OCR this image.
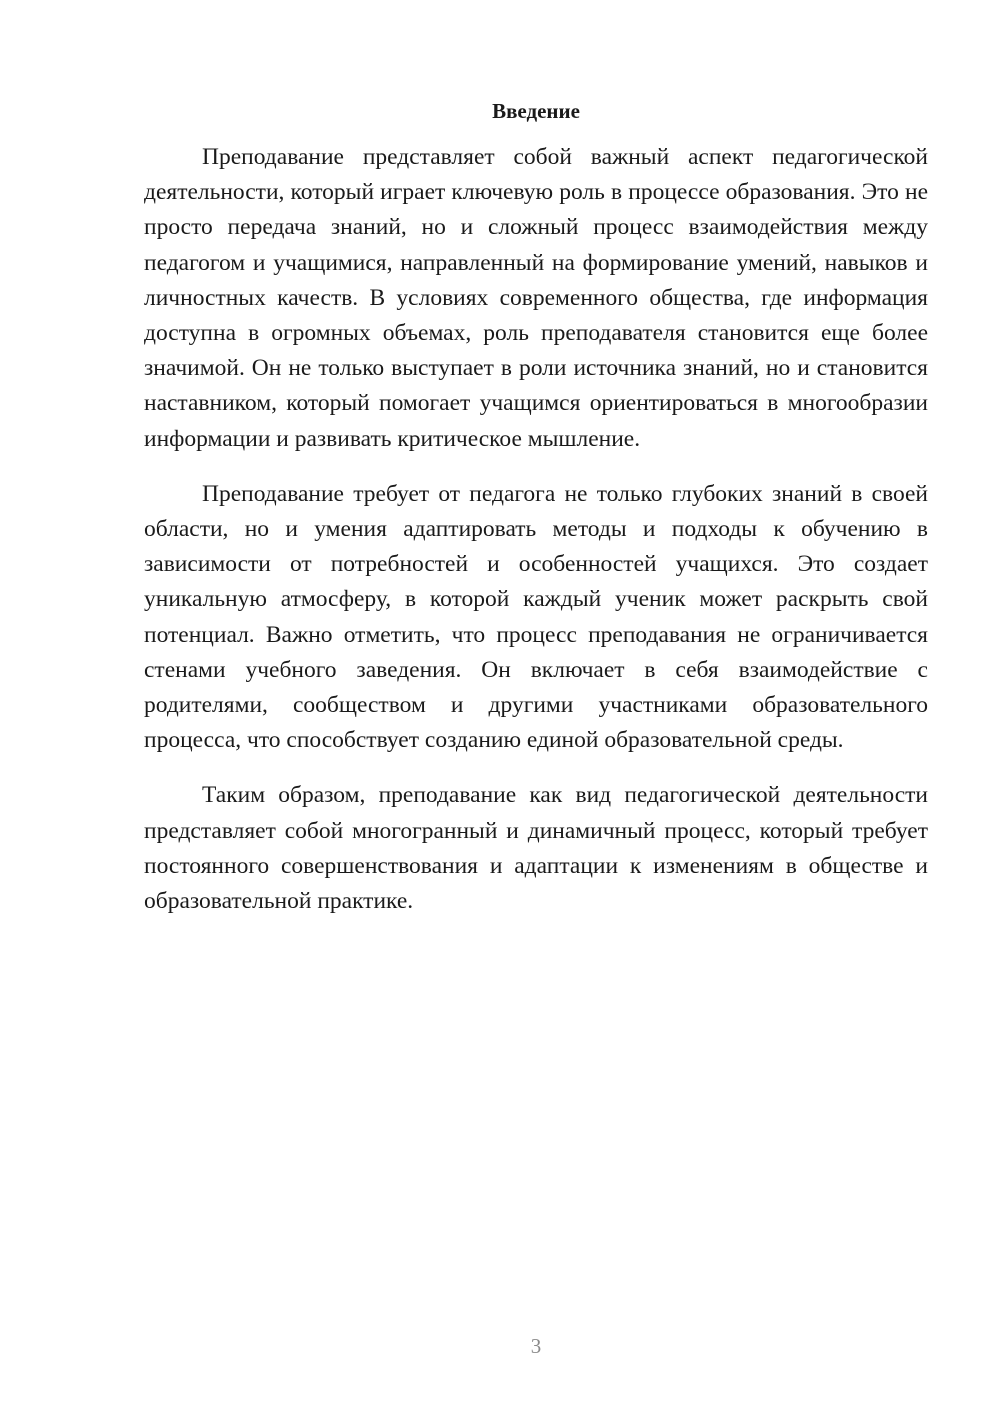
Введение

Преподавание представляет собой важный аспект педагогической деятельности, который играет ключевую роль в процессе образования. Это не просто передача знаний, но и сложный процесс взаимодействия между педагогом и учащимися, направленный на формирование умений, навыков и личностных качеств. В условиях современного общества, где информация доступна в огромных объемах, роль преподавателя становится еще более значимой. Он не только выступает в роли источника знаний, но и становится наставником, который помогает учащимся ориентироваться в многообразии информации и развивать критическое мышление.

Преподавание требует от педагога не только глубоких знаний в своей области, но и умения адаптировать методы и подходы к обучению в зависимости от потребностей и особенностей учащихся. Это создает уникальную атмосферу, в которой каждый ученик может раскрыть свой потенциал. Важно отметить, что процесс преподавания не ограничивается стенами учебного заведения. Он включает в себя взаимодействие с родителями, сообществом и другими участниками образовательного процесса, что способствует созданию единой образовательной среды.

Таким образом, преподавание как вид педагогической деятельности представляет собой многогранный и динамичный процесс, который требует постоянного совершенствования и адаптации к изменениям в обществе и образовательной практике.

3
